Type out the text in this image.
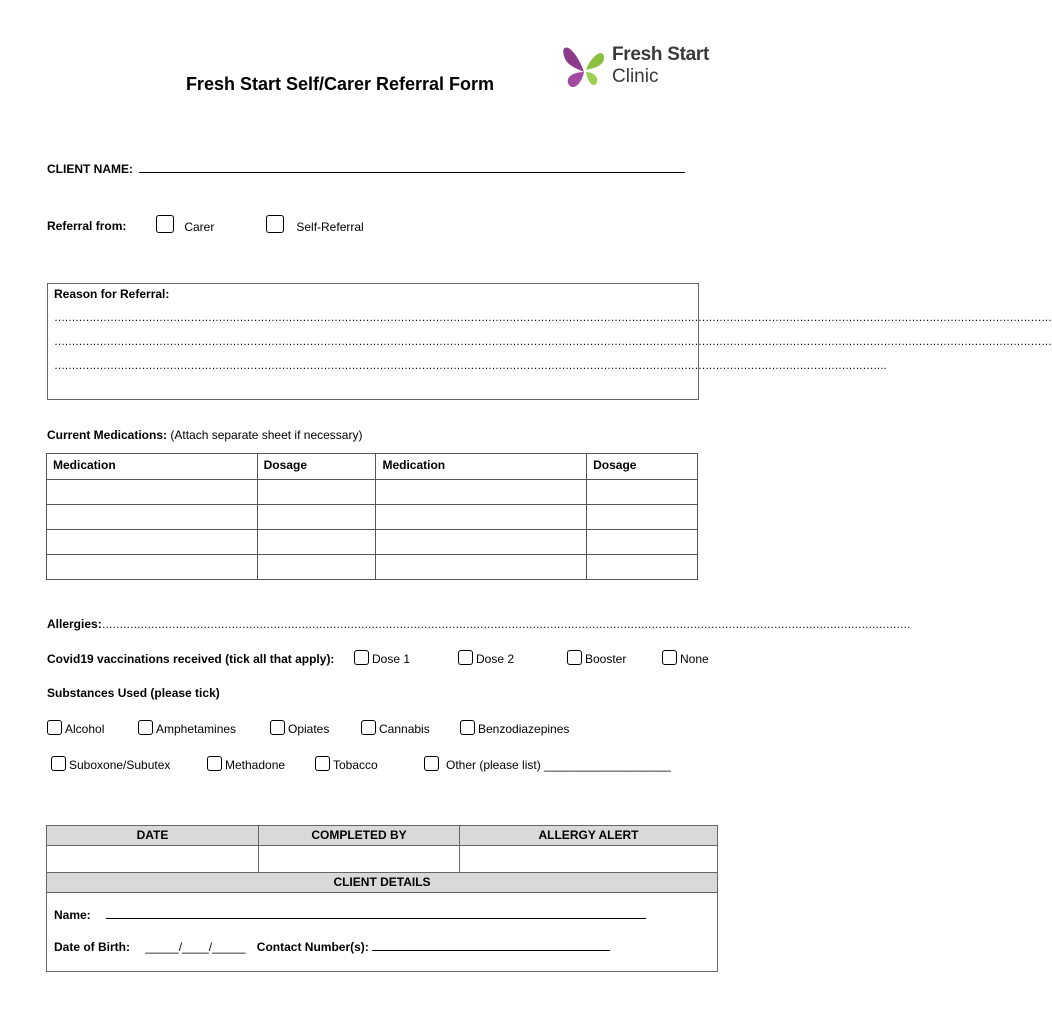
Fresh Start Self/Carer Referral Form
Fresh Start
Clinic
CLIENT NAME:
Referral from:	Carer	Self-Referral
Reason for Referral:
……………………………………………………………………………………………………………………………………………………………………………………………………………………………………………………………
……………………………………………………………………………………………………………………………………………………………………………………………………………………………………………………………
………………………………………………………………………………………………………………………………………………………………………………………………………………….
Current Medications: (Attach separate sheet if necessary)
Medication	Dosage	Medication	Dosage

Allergies:……………………………………………………………………………………………………………………………………………………………………………………………………………
Covid19 vaccinations received (tick all that apply):	Dose 1	Dose 2	Booster	None
Substances Used (please tick)
Alcohol	Amphetamines	Opiates	Cannabis	Benzodiazepines
Suboxone/Subutex	Methadone	Tobacco	Other (please list) ___________________
DATE	COMPLETED BY	ALLERGY ALERT
CLIENT DETAILS
Name:
Date of Birth: _____/____/_____ Contact Number(s):
